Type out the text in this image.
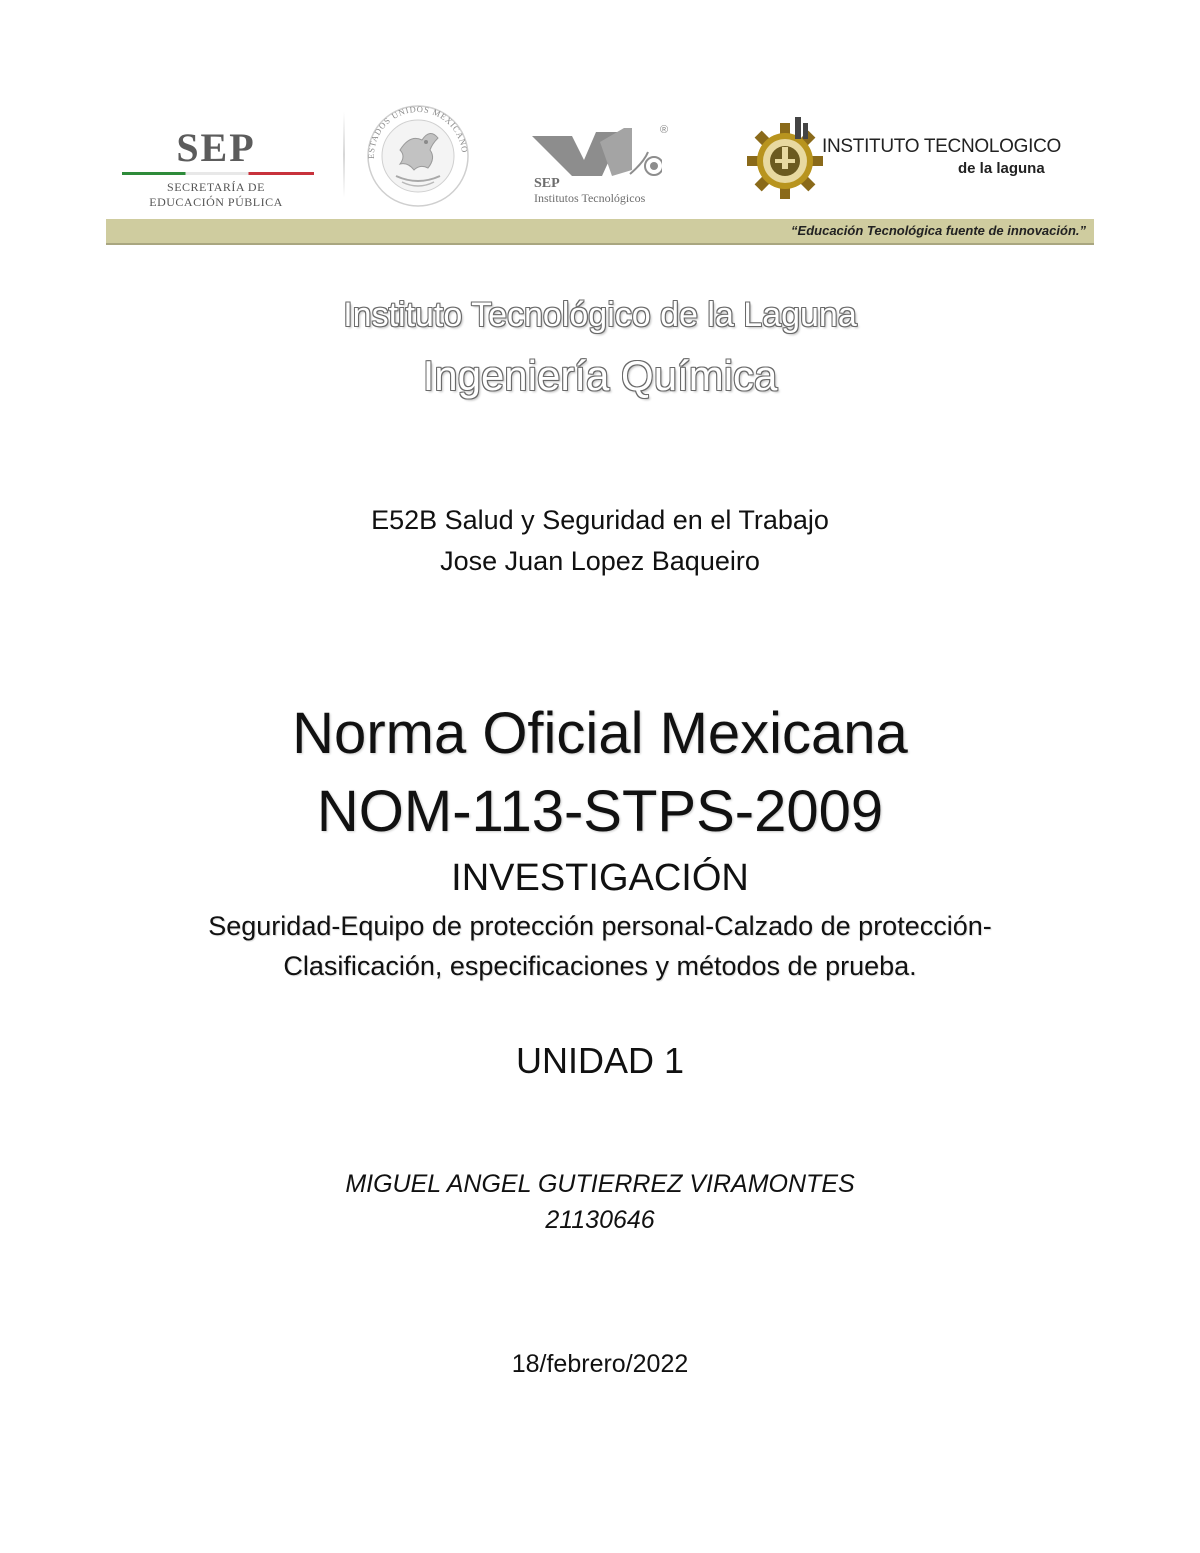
SEP
SECRETARÍA DE
EDUCACIÓN PÚBLICA
ESTADOS UNIDOS MEXICANO
®
SEP
Institutos Tecnológicos
INSTITUTO TECNOLOGICO
de la laguna
“Educación Tecnológica fuente de innovación.”
Instituto Tecnológico de la Laguna
Ingeniería Química
E52B Salud y Seguridad en el Trabajo
Jose Juan Lopez Baqueiro
Norma Oficial Mexicana
NOM-113-STPS-2009
INVESTIGACIÓN
Seguridad-Equipo de protección personal-Calzado de protección-
Clasificación, especificaciones y métodos de prueba.
UNIDAD 1
MIGUEL ANGEL GUTIERREZ VIRAMONTES
21130646
18/febrero/2022
